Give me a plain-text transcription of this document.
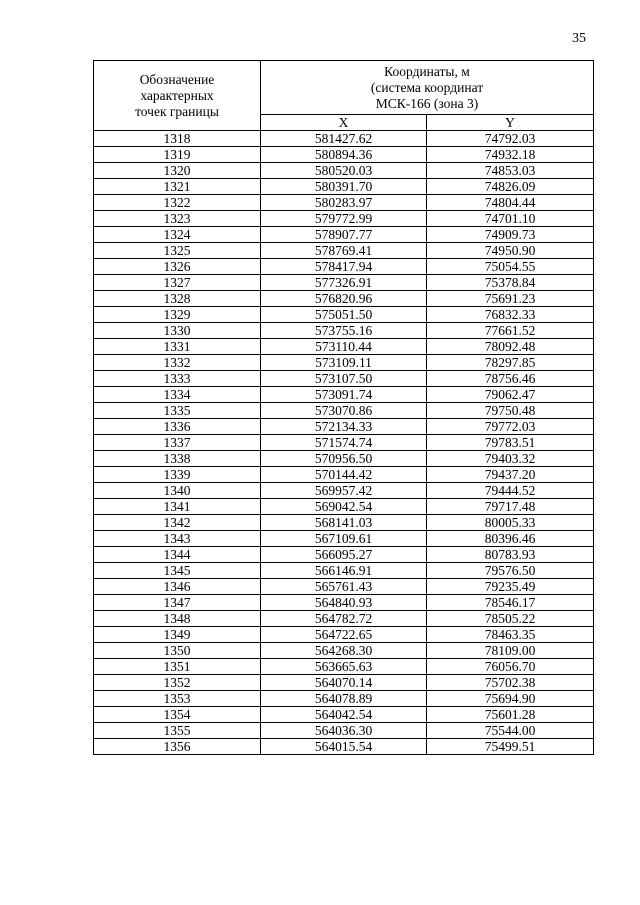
35
Обозначение
характерных
точек границы	Координаты, м
(система координат
МСК-166 (зона 3)	
	X	Y
1318	581427.62	74792.03
1319	580894.36	74932.18
1320	580520.03	74853.03
1321	580391.70	74826.09
1322	580283.97	74804.44
1323	579772.99	74701.10
1324	578907.77	74909.73
1325	578769.41	74950.90
1326	578417.94	75054.55
1327	577326.91	75378.84
1328	576820.96	75691.23
1329	575051.50	76832.33
1330	573755.16	77661.52
1331	573110.44	78092.48
1332	573109.11	78297.85
1333	573107.50	78756.46
1334	573091.74	79062.47
1335	573070.86	79750.48
1336	572134.33	79772.03
1337	571574.74	79783.51
1338	570956.50	79403.32
1339	570144.42	79437.20
1340	569957.42	79444.52
1341	569042.54	79717.48
1342	568141.03	80005.33
1343	567109.61	80396.46
1344	566095.27	80783.93
1345	566146.91	79576.50
1346	565761.43	79235.49
1347	564840.93	78546.17
1348	564782.72	78505.22
1349	564722.65	78463.35
1350	564268.30	78109.00
1351	563665.63	76056.70
1352	564070.14	75702.38
1353	564078.89	75694.90
1354	564042.54	75601.28
1355	564036.30	75544.00
1356	564015.54	75499.51
